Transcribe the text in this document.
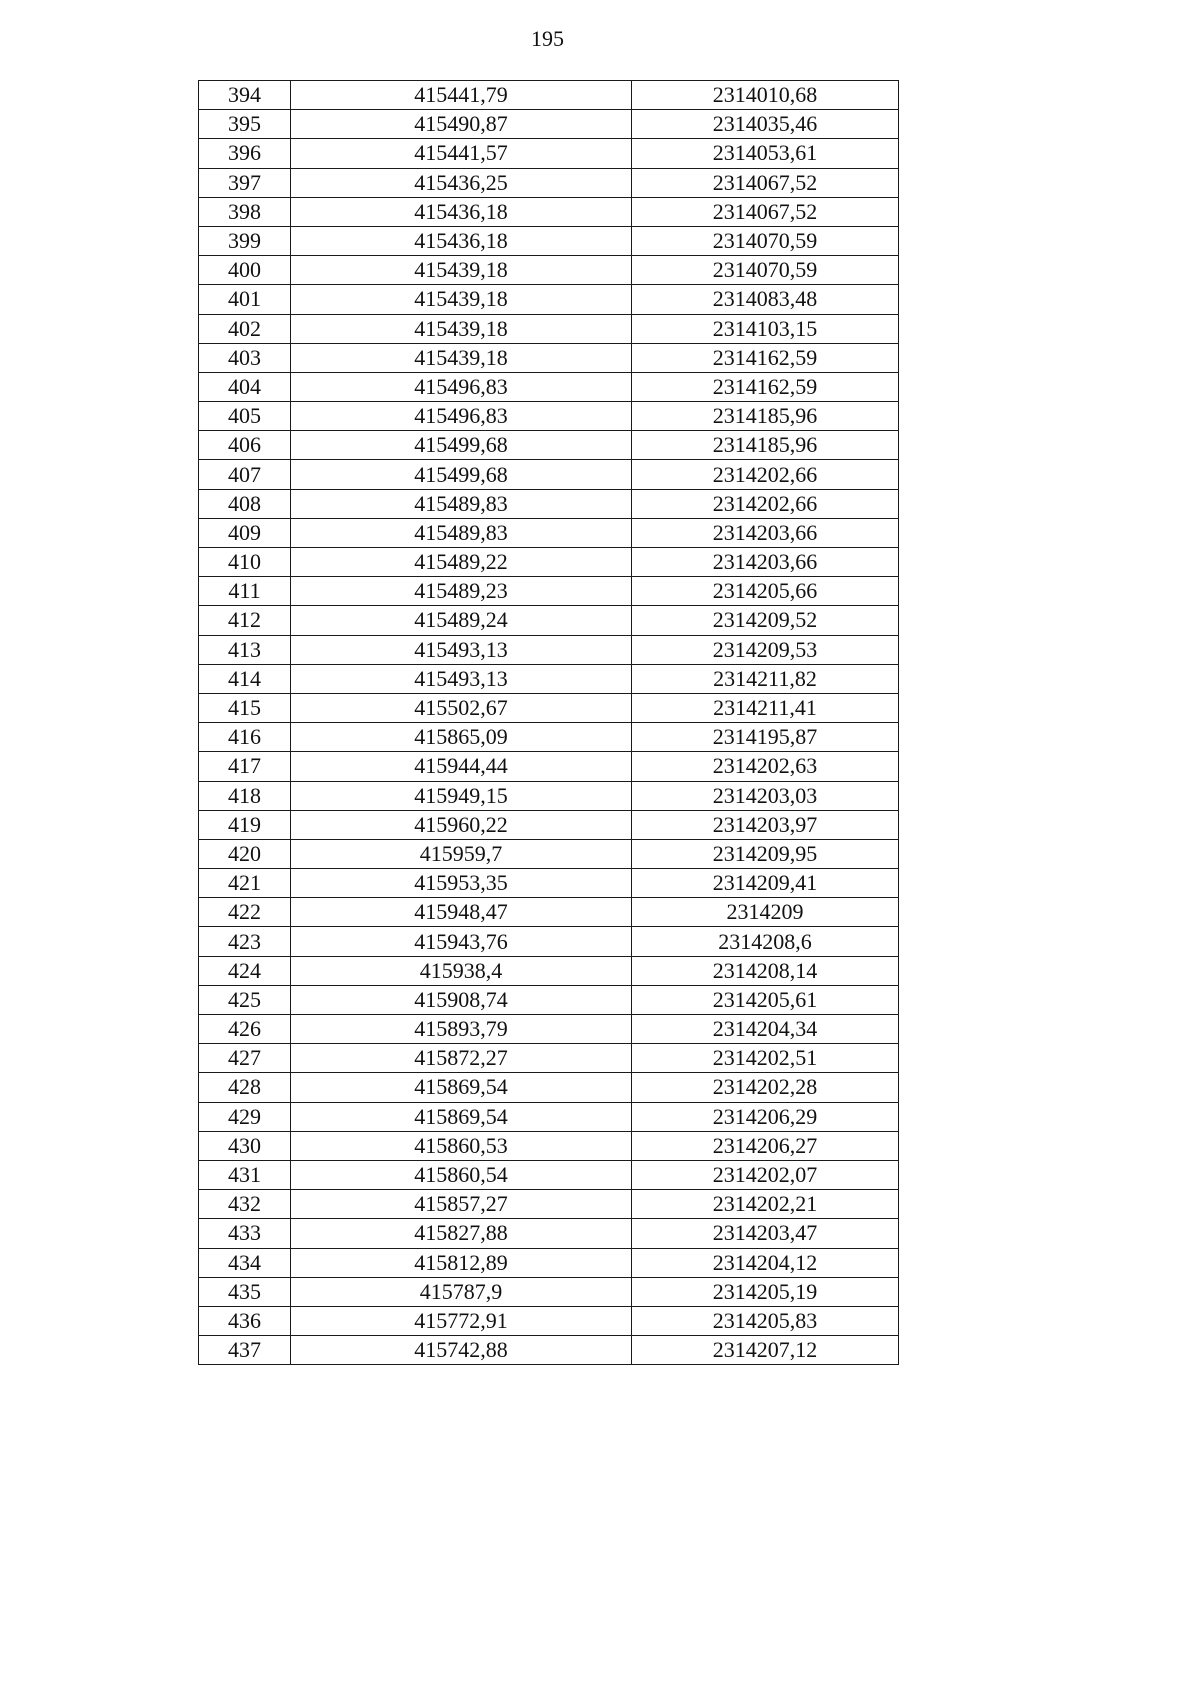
195
394	415441,79	2314010,68
395	415490,87	2314035,46
396	415441,57	2314053,61
397	415436,25	2314067,52
398	415436,18	2314067,52
399	415436,18	2314070,59
400	415439,18	2314070,59
401	415439,18	2314083,48
402	415439,18	2314103,15
403	415439,18	2314162,59
404	415496,83	2314162,59
405	415496,83	2314185,96
406	415499,68	2314185,96
407	415499,68	2314202,66
408	415489,83	2314202,66
409	415489,83	2314203,66
410	415489,22	2314203,66
411	415489,23	2314205,66
412	415489,24	2314209,52
413	415493,13	2314209,53
414	415493,13	2314211,82
415	415502,67	2314211,41
416	415865,09	2314195,87
417	415944,44	2314202,63
418	415949,15	2314203,03
419	415960,22	2314203,97
420	415959,7	2314209,95
421	415953,35	2314209,41
422	415948,47	2314209
423	415943,76	2314208,6
424	415938,4	2314208,14
425	415908,74	2314205,61
426	415893,79	2314204,34
427	415872,27	2314202,51
428	415869,54	2314202,28
429	415869,54	2314206,29
430	415860,53	2314206,27
431	415860,54	2314202,07
432	415857,27	2314202,21
433	415827,88	2314203,47
434	415812,89	2314204,12
435	415787,9	2314205,19
436	415772,91	2314205,83
437	415742,88	2314207,12
